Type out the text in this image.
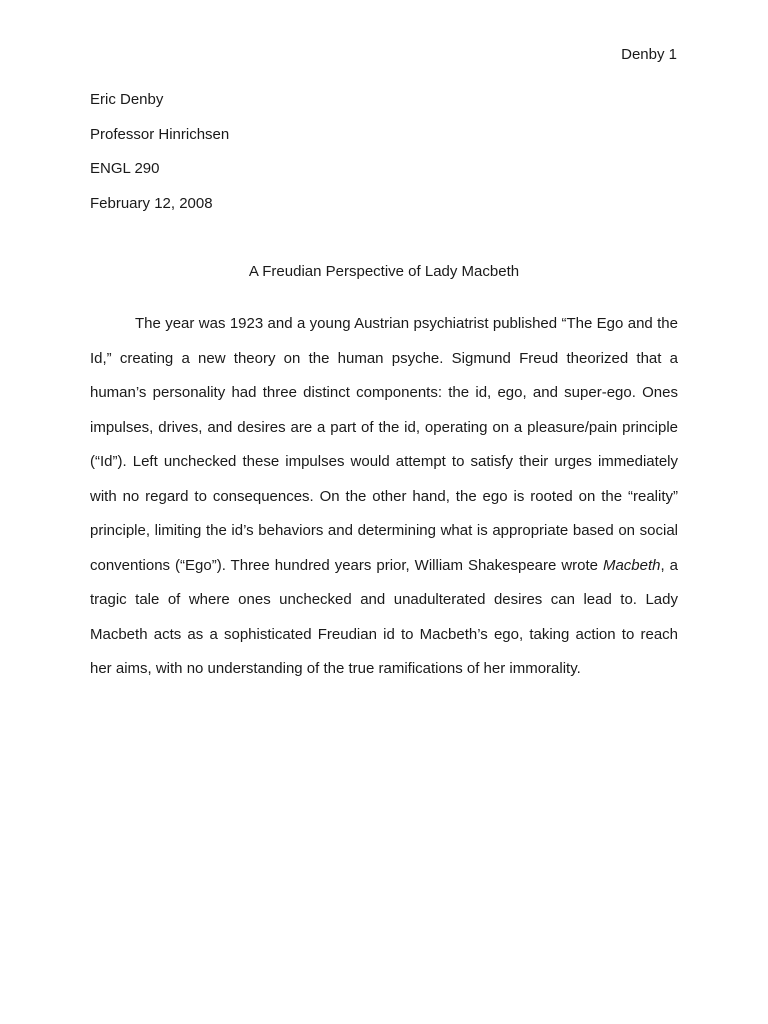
Denby 1
Eric Denby
Professor Hinrichsen
ENGL 290
February 12, 2008
A Freudian Perspective of Lady Macbeth
The year was 1923 and a young Austrian psychiatrist published “The Ego and the
Id,” creating a new theory on the human psyche. Sigmund Freud theorized that a
human’s personality had three distinct components: the id, ego, and super-ego. Ones
impulses, drives, and desires are a part of the id, operating on a pleasure/pain principle
(“Id”). Left unchecked these impulses would attempt to satisfy their urges immediately
with no regard to consequences. On the other hand, the ego is rooted on the “reality”
principle, limiting the id’s behaviors and determining what is appropriate based on social
conventions (“Ego”). Three hundred years prior, William Shakespeare wrote Macbeth, a
tragic tale of where ones unchecked and unadulterated desires can lead to. Lady
Macbeth acts as a sophisticated Freudian id to Macbeth’s ego, taking action to reach
her aims, with no understanding of the true ramifications of her immorality.
